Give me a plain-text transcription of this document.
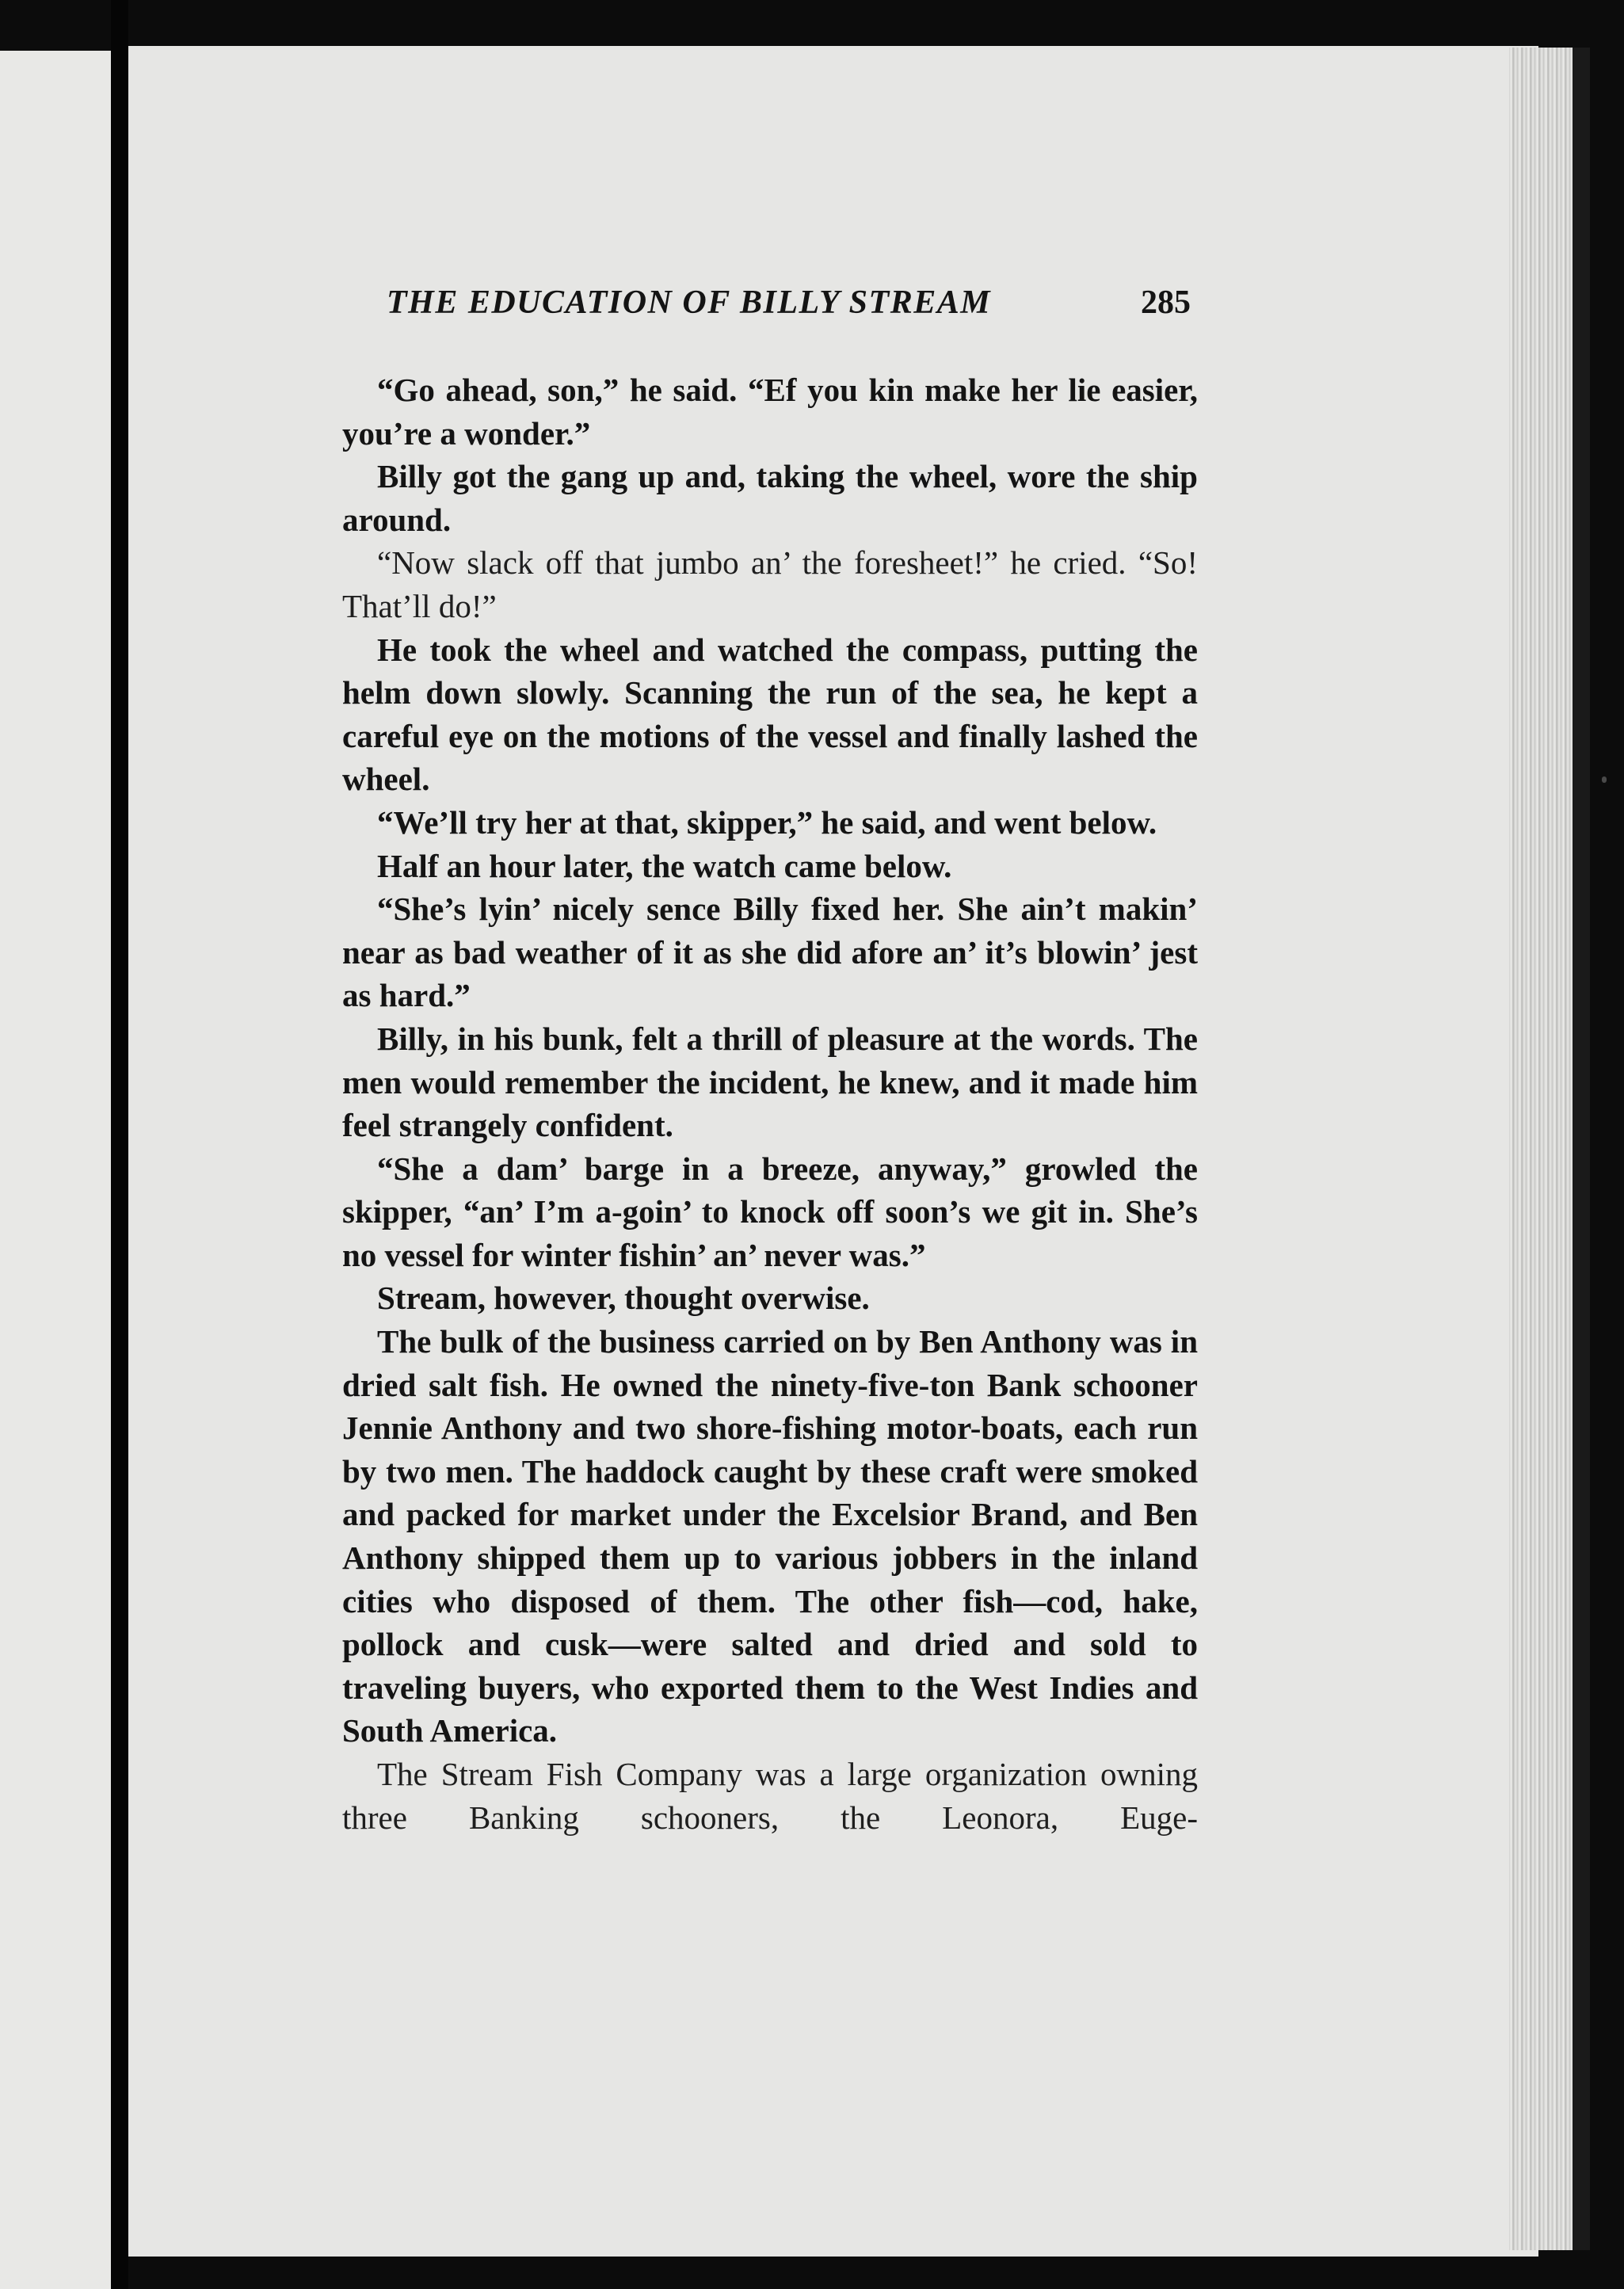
THE EDUCATION OF BILLY STREAM	285

“Go ahead, son,” he said. “Ef you kin make her lie easier, you’re a wonder.”

Billy got the gang up and, taking the wheel, wore the ship around.

“Now slack off that jumbo an’ the foresheet!” he cried. “So! That’ll do!”

He took the wheel and watched the compass, putting the helm down slowly. Scanning the run of the sea, he kept a careful eye on the motions of the vessel and finally lashed the wheel.

“We’ll try her at that, skipper,” he said, and went below.

Half an hour later, the watch came below.

“She’s lyin’ nicely sence Billy fixed her. She ain’t makin’ near as bad weather of it as she did afore an’ it’s blowin’ jest as hard.”

Billy, in his bunk, felt a thrill of pleasure at the words. The men would remember the incident, he knew, and it made him feel strangely confident.

“She a dam’ barge in a breeze, anyway,” growled the skipper, “an’ I’m a-goin’ to knock off soon’s we git in. She’s no vessel for winter fishin’ an’ never was.”

Stream, however, thought overwise.

The bulk of the business carried on by Ben Anthony was in dried salt fish. He owned the ninety-five-ton Bank schooner Jennie Anthony and two shore-fishing motor-boats, each run by two men. The haddock caught by these craft were smoked and packed for market under the Excelsior Brand, and Ben Anthony shipped them up to various jobbers in the inland cities who disposed of them. The other fish—cod, hake, pollock and cusk—were salted and dried and sold to traveling buyers, who exported them to the West Indies and South America.

The Stream Fish Company was a large organization owning three Banking schooners, the Leonora, Euge-
